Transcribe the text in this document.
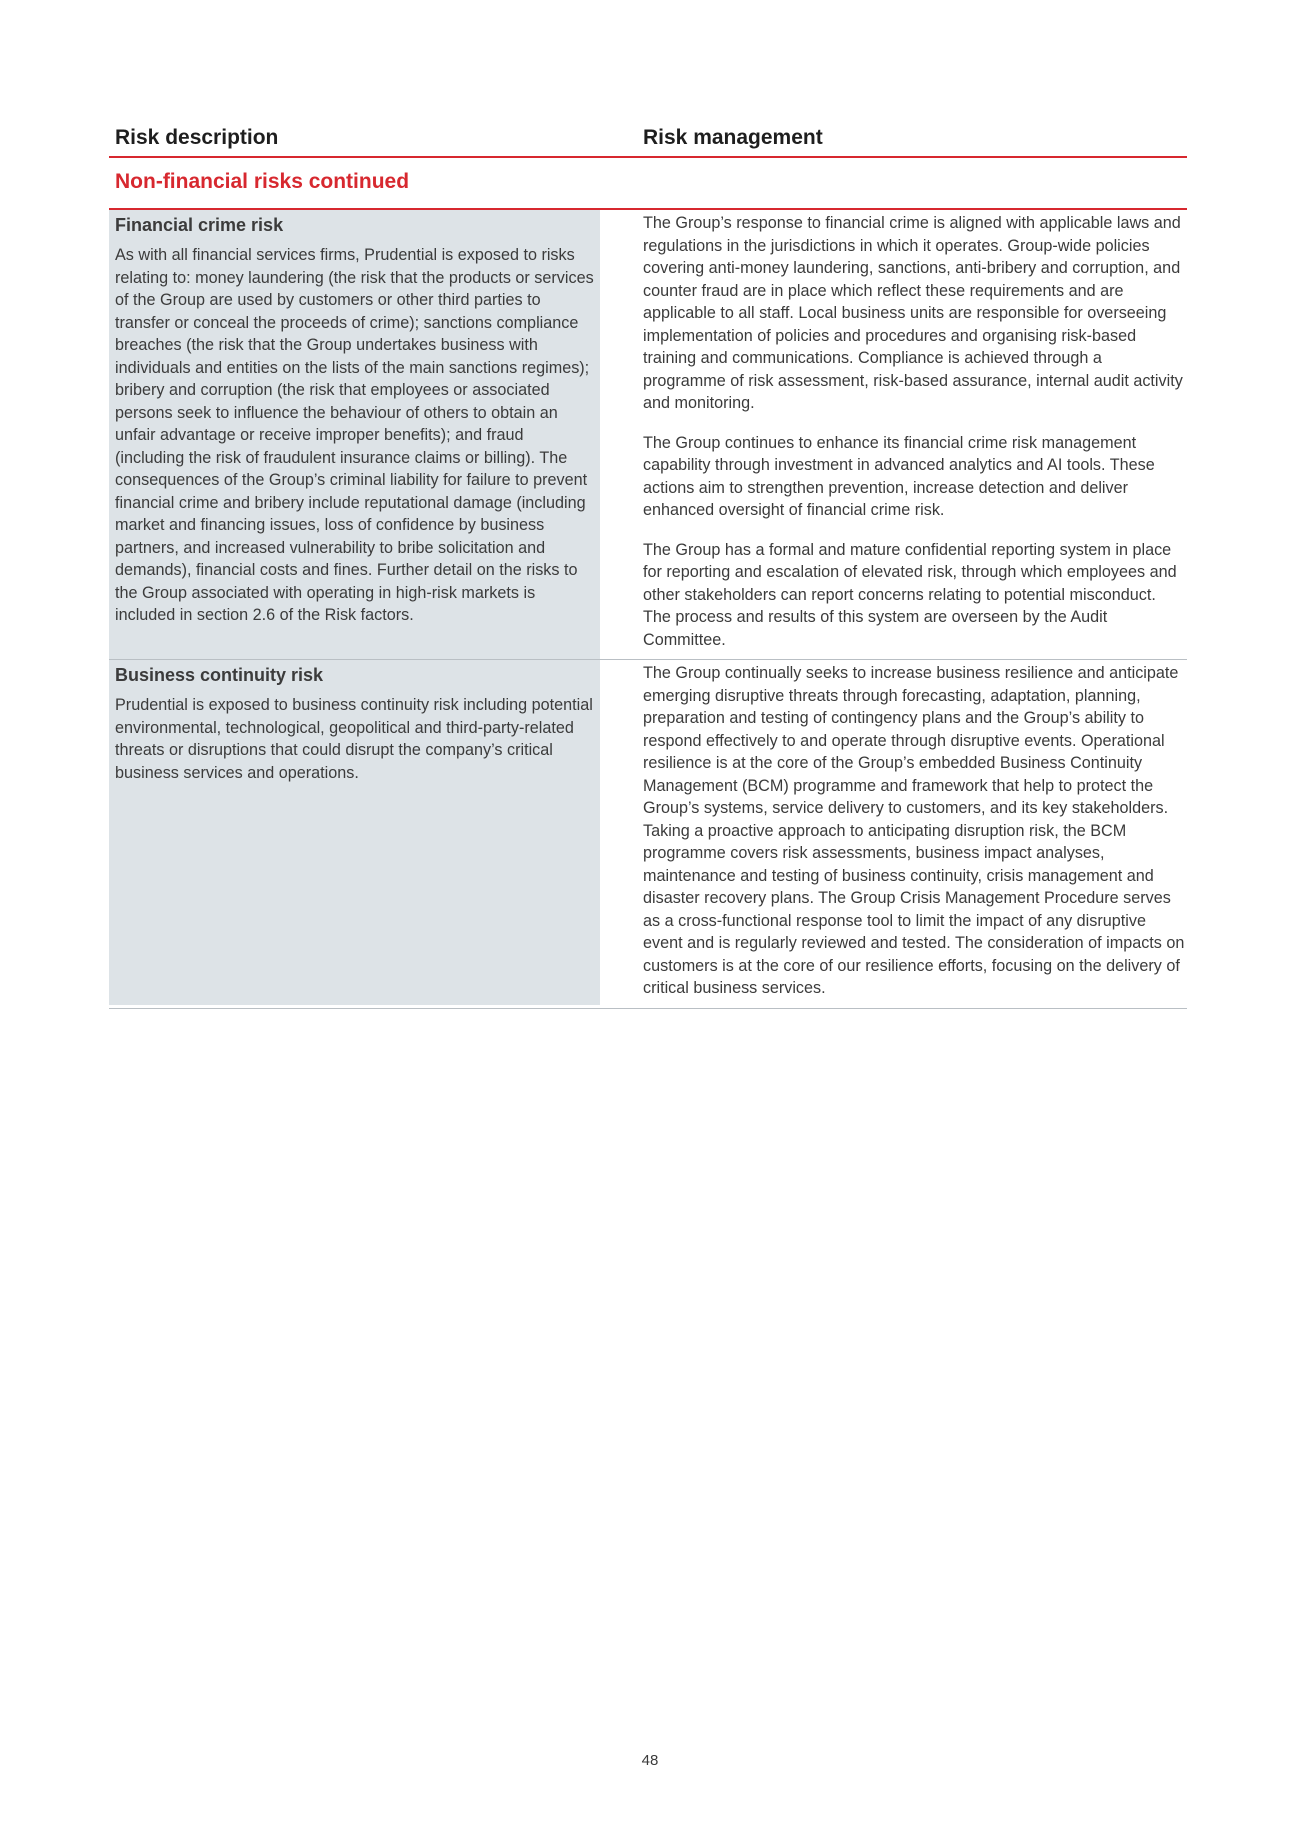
Risk description	Risk management
Non-financial risks continued
Financial crime risk

As with all financial services firms, Prudential is exposed to risks relating to: money laundering (the risk that the products or services of the Group are used by customers or other third parties to transfer or conceal the proceeds of crime); sanctions compliance breaches (the risk that the Group undertakes business with individuals and entities on the lists of the main sanctions regimes); bribery and corruption (the risk that employees or associated persons seek to influence the behaviour of others to obtain an unfair advantage or receive improper benefits); and fraud (including the risk of fraudulent insurance claims or billing). The consequences of the Group’s criminal liability for failure to prevent financial crime and bribery include reputational damage (including market and financing issues, loss of confidence by business partners, and increased vulnerability to bribe solicitation and demands), financial costs and fines. Further detail on the risks to the Group associated with operating in high-risk markets is included in section 2.6 of the Risk factors.

The Group’s response to financial crime is aligned with applicable laws and regulations in the jurisdictions in which it operates. Group-wide policies covering anti-money laundering, sanctions, anti-bribery and corruption, and counter fraud are in place which reflect these requirements and are applicable to all staff. Local business units are responsible for overseeing implementation of policies and procedures and organising risk-based training and communications. Compliance is achieved through a programme of risk assessment, risk-based assurance, internal audit activity and monitoring.

The Group continues to enhance its financial crime risk management capability through investment in advanced analytics and AI tools. These actions aim to strengthen prevention, increase detection and deliver enhanced oversight of financial crime risk.

The Group has a formal and mature confidential reporting system in place for reporting and escalation of elevated risk, through which employees and other stakeholders can report concerns relating to potential misconduct. The process and results of this system are overseen by the Audit Committee.

Business continuity risk

Prudential is exposed to business continuity risk including potential environmental, technological, geopolitical and third-party-related threats or disruptions that could disrupt the company’s critical business services and operations.

The Group continually seeks to increase business resilience and anticipate emerging disruptive threats through forecasting, adaptation, planning, preparation and testing of contingency plans and the Group’s ability to respond effectively to and operate through disruptive events. Operational resilience is at the core of the Group’s embedded Business Continuity Management (BCM) programme and framework that help to protect the Group’s systems, service delivery to customers, and its key stakeholders. Taking a proactive approach to anticipating disruption risk, the BCM programme covers risk assessments, business impact analyses, maintenance and testing of business continuity, crisis management and disaster recovery plans. The Group Crisis Management Procedure serves as a cross-functional response tool to limit the impact of any disruptive event and is regularly reviewed and tested. The consideration of impacts on customers is at the core of our resilience efforts, focusing on the delivery of critical business services.

48
